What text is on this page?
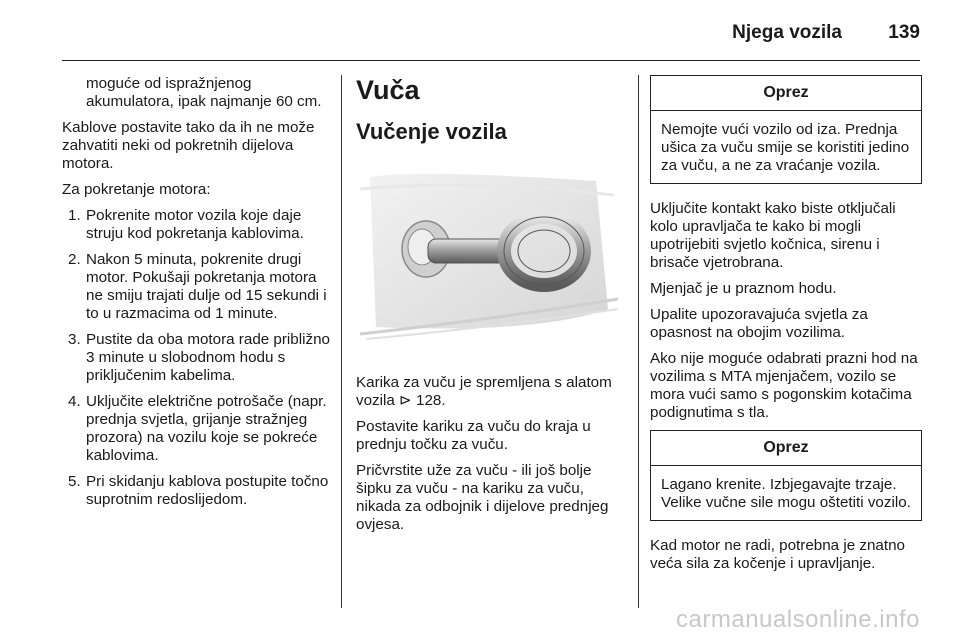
Njega vozila 139

moguće od ispražnjenog akumulatora, ipak najmanje 60 cm.

Kablove postavite tako da ih ne može zahvatiti neki od pokretnih dijelova motora.

Za pokretanje motora:

1. Pokrenite motor vozila koje daje struju kod pokretanja kablovima.
2. Nakon 5 minuta, pokrenite drugi motor. Pokušaji pokretanja motora ne smiju trajati dulje od 15 sekundi i to u razmacima od 1 minute.
3. Pustite da oba motora rade približno 3 minute u slobodnom hodu s priključenim kabelima.
4. Uključite električne potrošače (napr. prednja svjetla, grijanje stražnjeg prozora) na vozilu koje se pokreće kablovima.
5. Pri skidanju kablova postupite točno suprotnim redoslijedom.
Vuča
Vučenje vozila

Karika za vuču je spremljena s alatom vozila ⊳ 128.

Postavite kariku za vuču do kraja u prednju točku za vuču.

Pričvrstite uže za vuču - ili još bolje šipku za vuču - na kariku za vuču, nikada za odbojnik i dijelove prednjeg ovjesa.

Oprez
Nemojte vući vozilo od iza. Prednja ušica za vuču smije se koristiti jedino za vuču, a ne za vraćanje vozila.

Uključite kontakt kako biste otključali kolo upravljača te kako bi mogli upotrijebiti svjetlo kočnica, sirenu i brisače vjetrobrana.

Mjenjač je u praznom hodu.

Upalite upozoravajuća svjetla za opasnost na obojim vozilima.

Ako nije moguće odabrati prazni hod na vozilima s MTA mjenjačem, vozilo se mora vući samo s pogonskim kotačima podignutima s tla.

Oprez
Lagano krenite. Izbjegavajte trzaje. Velike vučne sile mogu oštetiti vozilo.

Kad motor ne radi, potrebna je znatno veća sila za kočenje i upravljanje.

carmanualsonline.info
